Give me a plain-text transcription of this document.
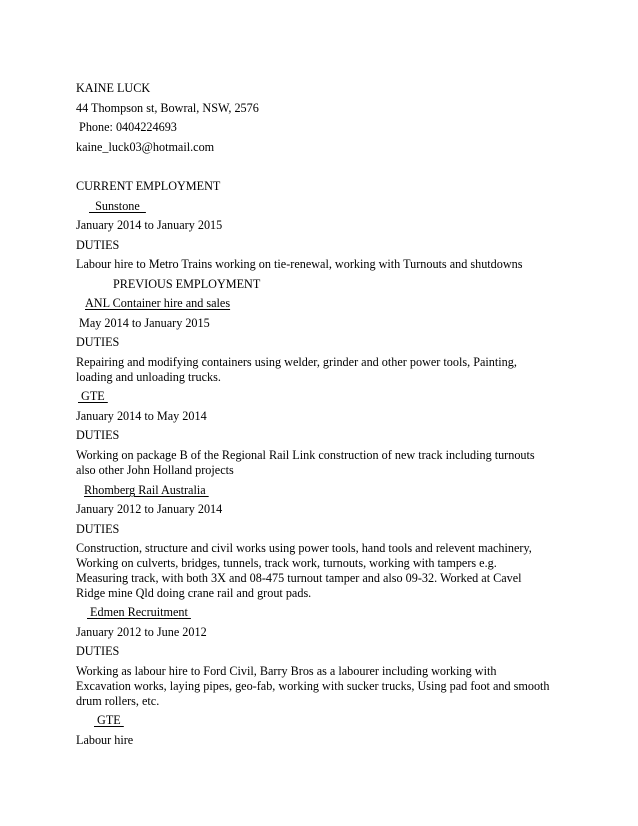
KAINE LUCK
44 Thompson st, Bowral, NSW, 2576
Phone: 0404224693
kaine_luck03@hotmail.com
CURRENT EMPLOYMENT
Sunstone
January 2014 to January 2015
DUTIES
Labour hire to Metro Trains working on tie-renewal, working with Turnouts and shutdowns
PREVIOUS EMPLOYMENT
ANL Container hire and sales
May 2014 to January 2015
DUTIES
Repairing and modifying containers using welder, grinder and other power tools, Painting,
loading and unloading trucks.
GTE
January 2014 to May 2014
DUTIES
Working on package B of the Regional Rail Link construction of new track including turnouts
also other John Holland projects
Rhomberg Rail Australia
January 2012 to January 2014
DUTIES
Construction, structure and civil works using power tools, hand tools and relevent machinery,
Working on culverts, bridges, tunnels, track work, turnouts, working with tampers e.g.
Measuring track, with both 3X and 08-475 turnout tamper and also 09-32. Worked at Cavel
Ridge mine Qld doing crane rail and grout pads.
Edmen Recruitment
January 2012 to June 2012
DUTIES
Working as labour hire to Ford Civil, Barry Bros as a labourer including working with
Excavation works, laying pipes, geo-fab, working with sucker trucks, Using pad foot and smooth
drum rollers, etc.
GTE
Labour hire
